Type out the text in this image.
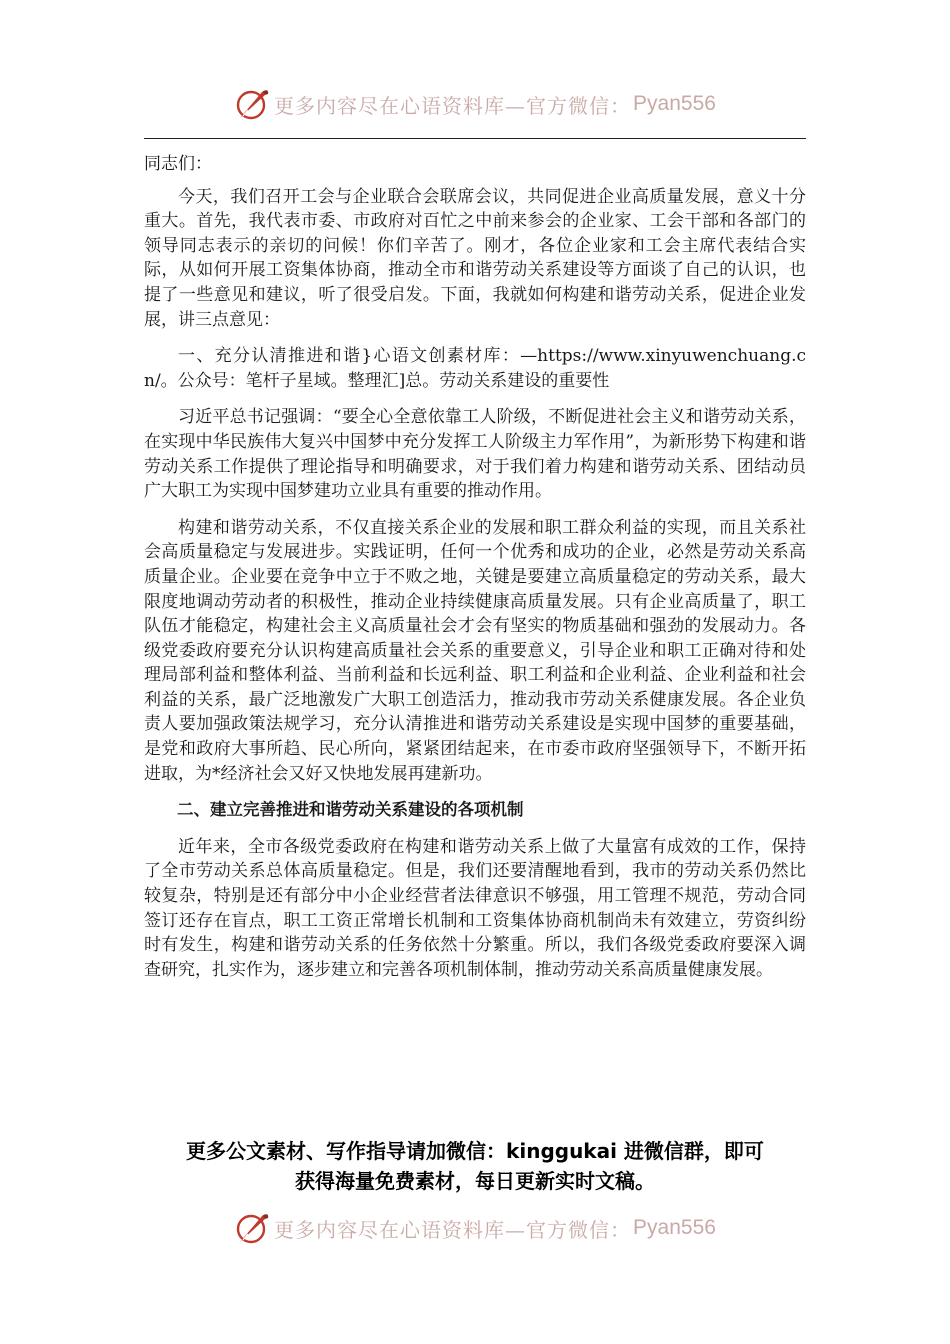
更多内容尽在心语资料库—官方微信： Pyan556

同志们：

今天，我们召开工会与企业联合会联席会议，共同促进企业高质量发展，意义十分重大。首先，我代表市委、市政府对百忙之中前来参会的企业家、工会干部和各部门的领导同志表示的亲切的问候！你们辛苦了。刚才，各位企业家和工会主席代表结合实际，从如何开展工资集体协商，推动全市和谐劳动关系建设等方面谈了自己的认识，也提了一些意见和建议，听了很受启发。下面，我就如何构建和谐劳动关系，促进企业发展，讲三点意见：

一、充分认清推进和谐}心语文创素材库：—https://www.xinyuwenchuang.cn/。公众号：笔杆子星域。整理汇]总。劳动关系建设的重要性

习近平总书记强调：“要全心全意依靠工人阶级，不断促进社会主义和谐劳动关系，在实现中华民族伟大复兴中国梦中充分发挥工人阶级主力军作用”，为新形势下构建和谐劳动关系工作提供了理论指导和明确要求，对于我们着力构建和谐劳动关系、团结动员广大职工为实现中国梦建功立业具有重要的推动作用。

构建和谐劳动关系，不仅直接关系企业的发展和职工群众利益的实现，而且关系社会高质量稳定与发展进步。实践证明，任何一个优秀和成功的企业，必然是劳动关系高质量企业。企业要在竞争中立于不败之地，关键是要建立高质量稳定的劳动关系，最大限度地调动劳动者的积极性，推动企业持续健康高质量发展。只有企业高质量了，职工队伍才能稳定，构建社会主义高质量社会才会有坚实的物质基础和强劲的发展动力。各级党委政府要充分认识构建高质量社会关系的重要意义，引导企业和职工正确对待和处理局部利益和整体利益、当前利益和长远利益、职工利益和企业利益、企业利益和社会利益的关系，最广泛地激发广大职工创造活力，推动我市劳动关系健康发展。各企业负责人要加强政策法规学习，充分认清推进和谐劳动关系建设是实现中国梦的重要基础，是党和政府大事所趋、民心所向，紧紧团结起来，在市委市政府坚强领导下，不断开拓进取，为*经济社会又好又快地发展再建新功。

二、建立完善推进和谐劳动关系建设的各项机制

近年来，全市各级党委政府在构建和谐劳动关系上做了大量富有成效的工作，保持了全市劳动关系总体高质量稳定。但是，我们还要清醒地看到，我市的劳动关系仍然比较复杂，特别是还有部分中小企业经营者法律意识不够强，用工管理不规范，劳动合同签订还存在盲点，职工工资正常增长机制和工资集体协商机制尚未有效建立，劳资纠纷时有发生，构建和谐劳动关系的任务依然十分繁重。所以，我们各级党委政府要深入调查研究，扎实作为，逐步建立和完善各项机制体制，推动劳动关系高质量健康发展。

更多公文素材、写作指导请加微信：kinggukai 进微信群，即可
获得海量免费素材，每日更新实时文稿。
更多内容尽在心语资料库—官方微信： Pyan556
